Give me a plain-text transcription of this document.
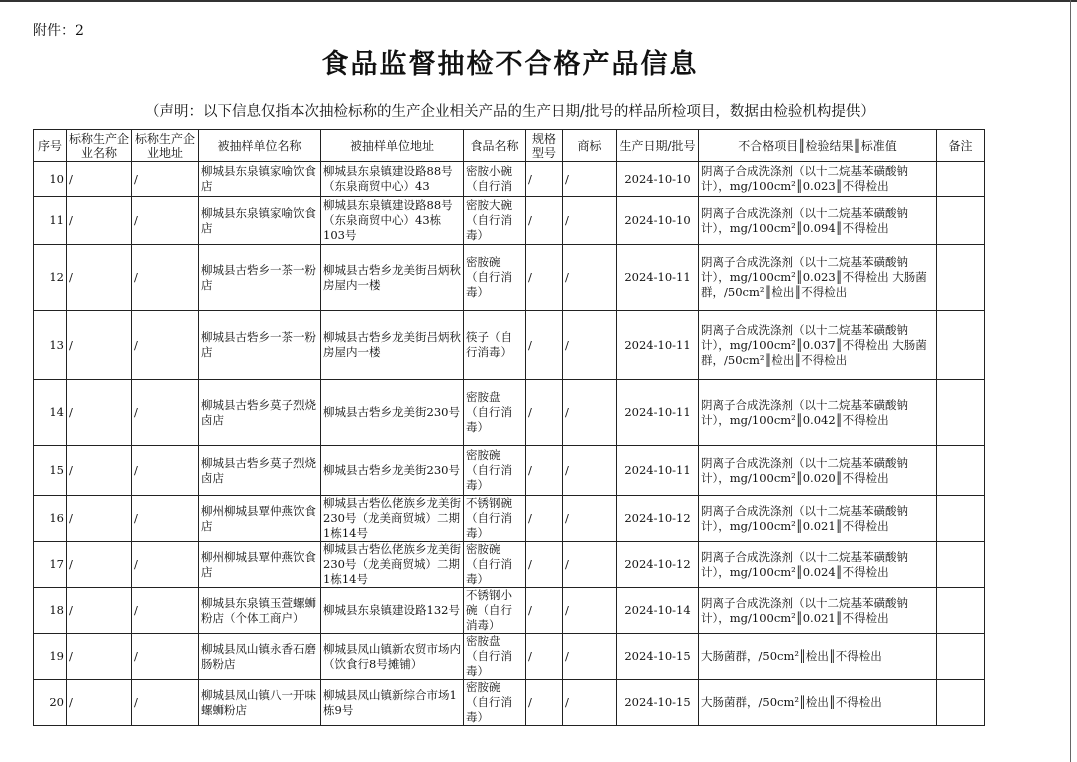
附件：2
食品监督抽检不合格产品信息
（声明：以下信息仅指本次抽检标称的生产企业相关产品的生产日期/批号的样品所检项目，数据由检验机构提供）
序号	标称生产企业名称	标称生产企业地址	被抽样单位名称	被抽样单位地址	食品名称	规格型号	商标	生产日期/批号	不合格项目║检验结果║标准值	备注
10	/	/	柳城县东泉镇家喻饮食店	柳城县东泉镇建设路88号（东泉商贸中心）43	密胺小碗（自行消	/	/	2024-10-10	阴离子合成洗涤剂（以十二烷基苯磺酸钠计），mg/100cm²║0.023║不得检出	
11	/	/	柳城县东泉镇家喻饮食店	柳城县东泉镇建设路88号（东泉商贸中心）43栋103号	密胺大碗（自行消毒）	/	/	2024-10-10	阴离子合成洗涤剂（以十二烷基苯磺酸钠计），mg/100cm²║0.094║不得检出	
12	/	/	柳城县古砦乡一茶一粉店	柳城县古砦乡龙美街吕炳秋房屋内一楼	密胺碗（自行消毒）	/	/	2024-10-11	阴离子合成洗涤剂（以十二烷基苯磺酸钠计），mg/100cm²║0.023║不得检出 大肠菌群，/50cm²║检出║不得检出	
13	/	/	柳城县古砦乡一茶一粉店	柳城县古砦乡龙美街吕炳秋房屋内一楼	筷子（自行消毒）	/	/	2024-10-11	阴离子合成洗涤剂（以十二烷基苯磺酸钠计），mg/100cm²║0.037║不得检出 大肠菌群，/50cm²║检出║不得检出	
14	/	/	柳城县古砦乡莫子烈烧卤店	柳城县古砦乡龙美街230号	密胺盘（自行消毒）	/	/	2024-10-11	阴离子合成洗涤剂（以十二烷基苯磺酸钠计），mg/100cm²║0.042║不得检出	
15	/	/	柳城县古砦乡莫子烈烧卤店	柳城县古砦乡龙美街230号	密胺碗（自行消毒）	/	/	2024-10-11	阴离子合成洗涤剂（以十二烷基苯磺酸钠计），mg/100cm²║0.020║不得检出	
16	/	/	柳州柳城县覃仲燕饮食店	柳城县古砦仫佬族乡龙美街230号（龙美商贸城）二期1栋14号	不锈钢碗（自行消毒）	/	/	2024-10-12	阴离子合成洗涤剂（以十二烷基苯磺酸钠计），mg/100cm²║0.021║不得检出	
17	/	/	柳州柳城县覃仲燕饮食店	柳城县古砦仫佬族乡龙美街230号（龙美商贸城）二期1栋14号	密胺碗（自行消毒）	/	/	2024-10-12	阴离子合成洗涤剂（以十二烷基苯磺酸钠计），mg/100cm²║0.024║不得检出	
18	/	/	柳城县东泉镇玉萱螺蛳粉店（个体工商户）	柳城县东泉镇建设路132号	不锈钢小碗（自行消毒）	/	/	2024-10-14	阴离子合成洗涤剂（以十二烷基苯磺酸钠计），mg/100cm²║0.021║不得检出	
19	/	/	柳城县凤山镇永香石磨肠粉店	柳城县凤山镇新农贸市场内（饮食行8号摊铺）	密胺盘（自行消毒）	/	/	2024-10-15	大肠菌群，/50cm²║检出║不得检出	
20	/	/	柳城县凤山镇八一开味螺蛳粉店	柳城县凤山镇新综合市场1栋9号	密胺碗（自行消毒）	/	/	2024-10-15	大肠菌群，/50cm²║检出║不得检出	
